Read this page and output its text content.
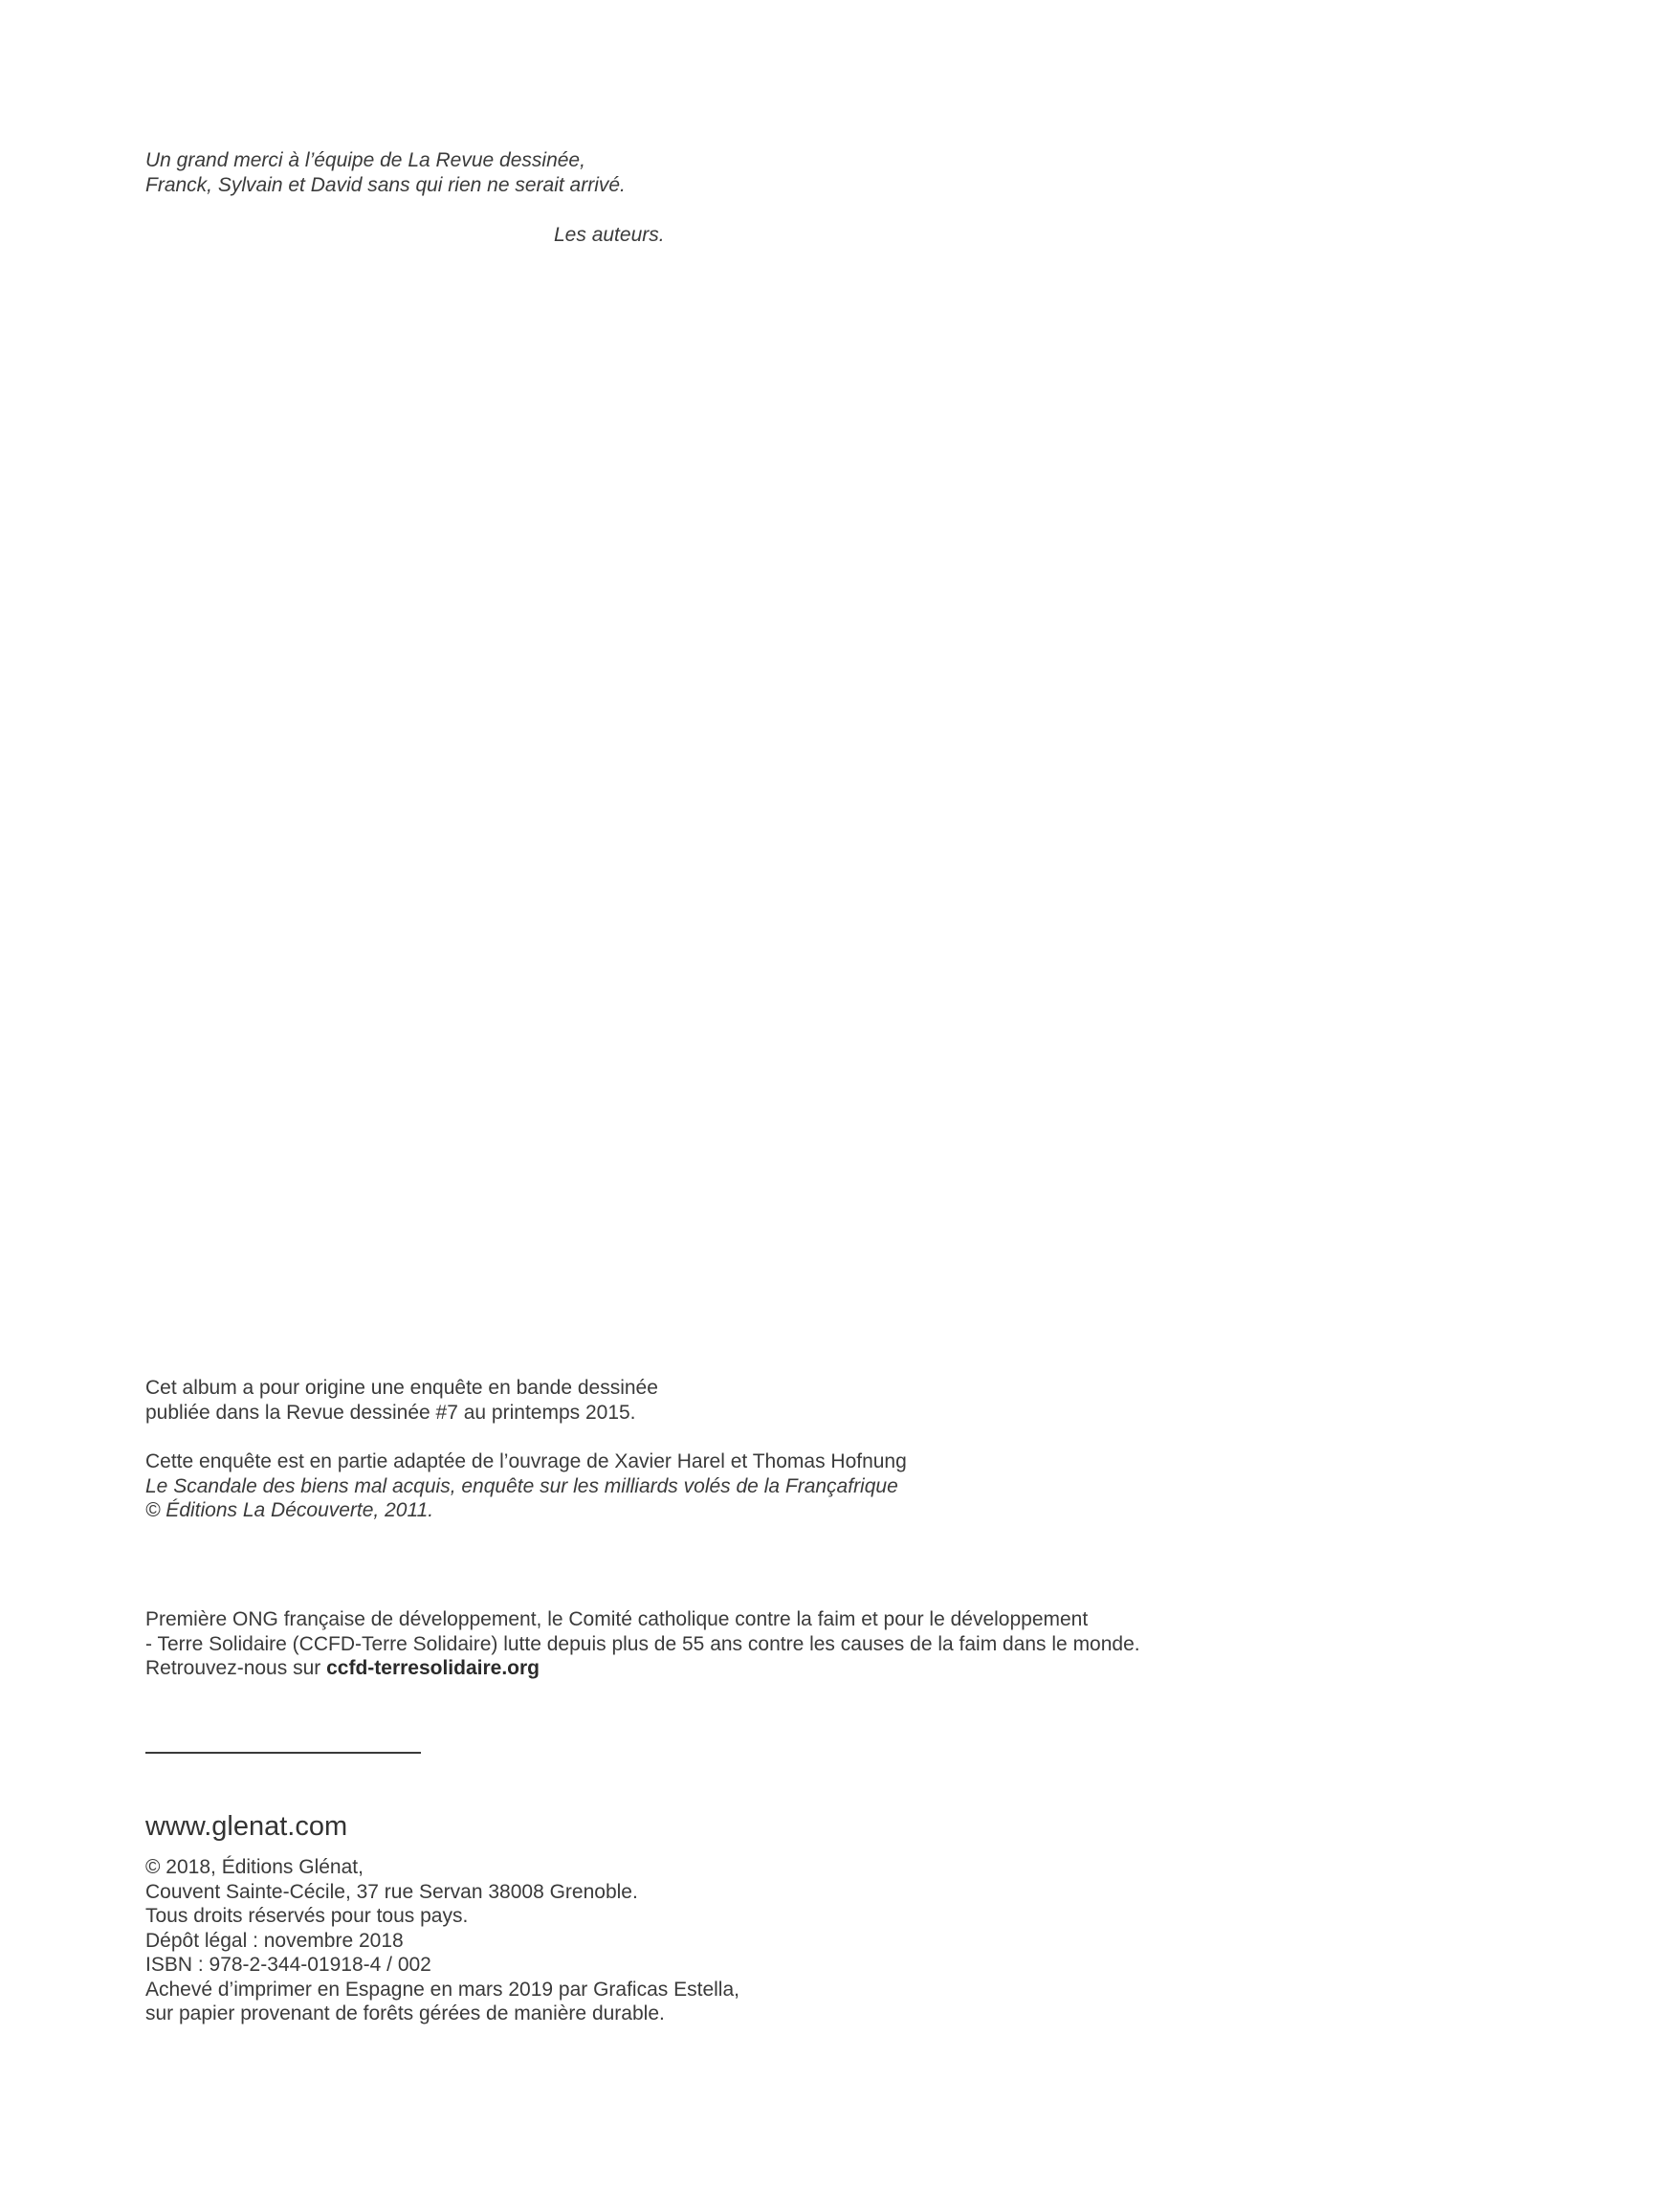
Un grand merci à l’équipe de La Revue dessinée,
Franck, Sylvain et David sans qui rien ne serait arrivé.
Les auteurs.
Cet album a pour origine une enquête en bande dessinée
publiée dans la Revue dessinée #7 au printemps 2015.
Cette enquête est en partie adaptée de l’ouvrage de Xavier Harel et Thomas Hofnung
Le Scandale des biens mal acquis, enquête sur les milliards volés de la Françafrique
© Éditions La Découverte, 2011.
Première ONG française de développement, le Comité catholique contre la faim et pour le développement
- Terre Solidaire (CCFD-Terre Solidaire) lutte depuis plus de 55 ans contre les causes de la faim dans le monde.
Retrouvez-nous sur ccfd-terresolidaire.org
www.glenat.com
© 2018, Éditions Glénat,
Couvent Sainte-Cécile, 37 rue Servan 38008 Grenoble.
Tous droits réservés pour tous pays.
Dépôt légal : novembre 2018
ISBN : 978-2-344-01918-4 / 002
Achevé d’imprimer en Espagne en mars 2019 par Graficas Estella,
sur papier provenant de forêts gérées de manière durable.
